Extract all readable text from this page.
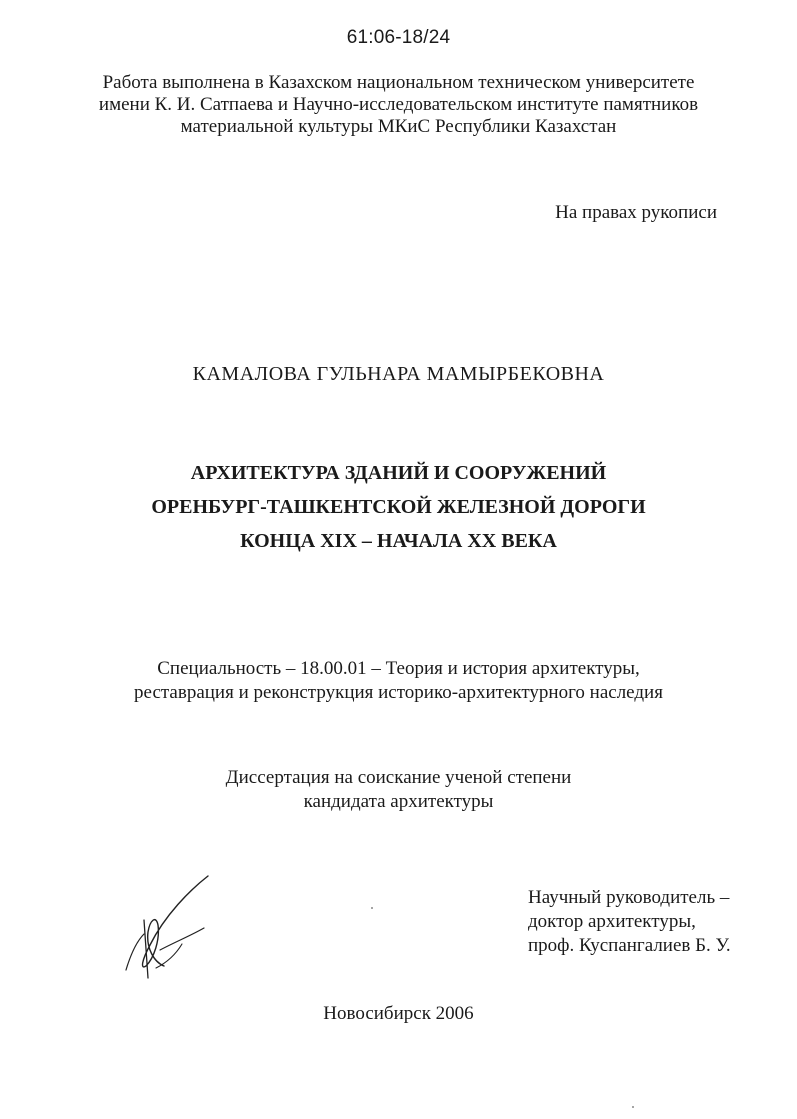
61:06-18/24
Работа выполнена в Казахском национальном техническом университете
имени К. И. Сатпаева и Научно-исследовательском институте памятников
материальной культуры МКиС Республики Казахстан
На правах рукописи
КАМАЛОВА ГУЛЬНАРА МАМЫРБЕКОВНА
АРХИТЕКТУРА ЗДАНИЙ И СООРУЖЕНИЙ
ОРЕНБУРГ-ТАШКЕНТСКОЙ ЖЕЛЕЗНОЙ ДОРОГИ
КОНЦА XIX – НАЧАЛА XX ВЕКА
Специальность – 18.00.01 – Теория и история архитектуры,
реставрация и реконструкция историко-архитектурного наследия
Диссертация на соискание ученой степени
кандидата архитектуры
Научный руководитель –
доктор архитектуры,
проф. Куспангалиев Б. У.
Новосибирск 2006
